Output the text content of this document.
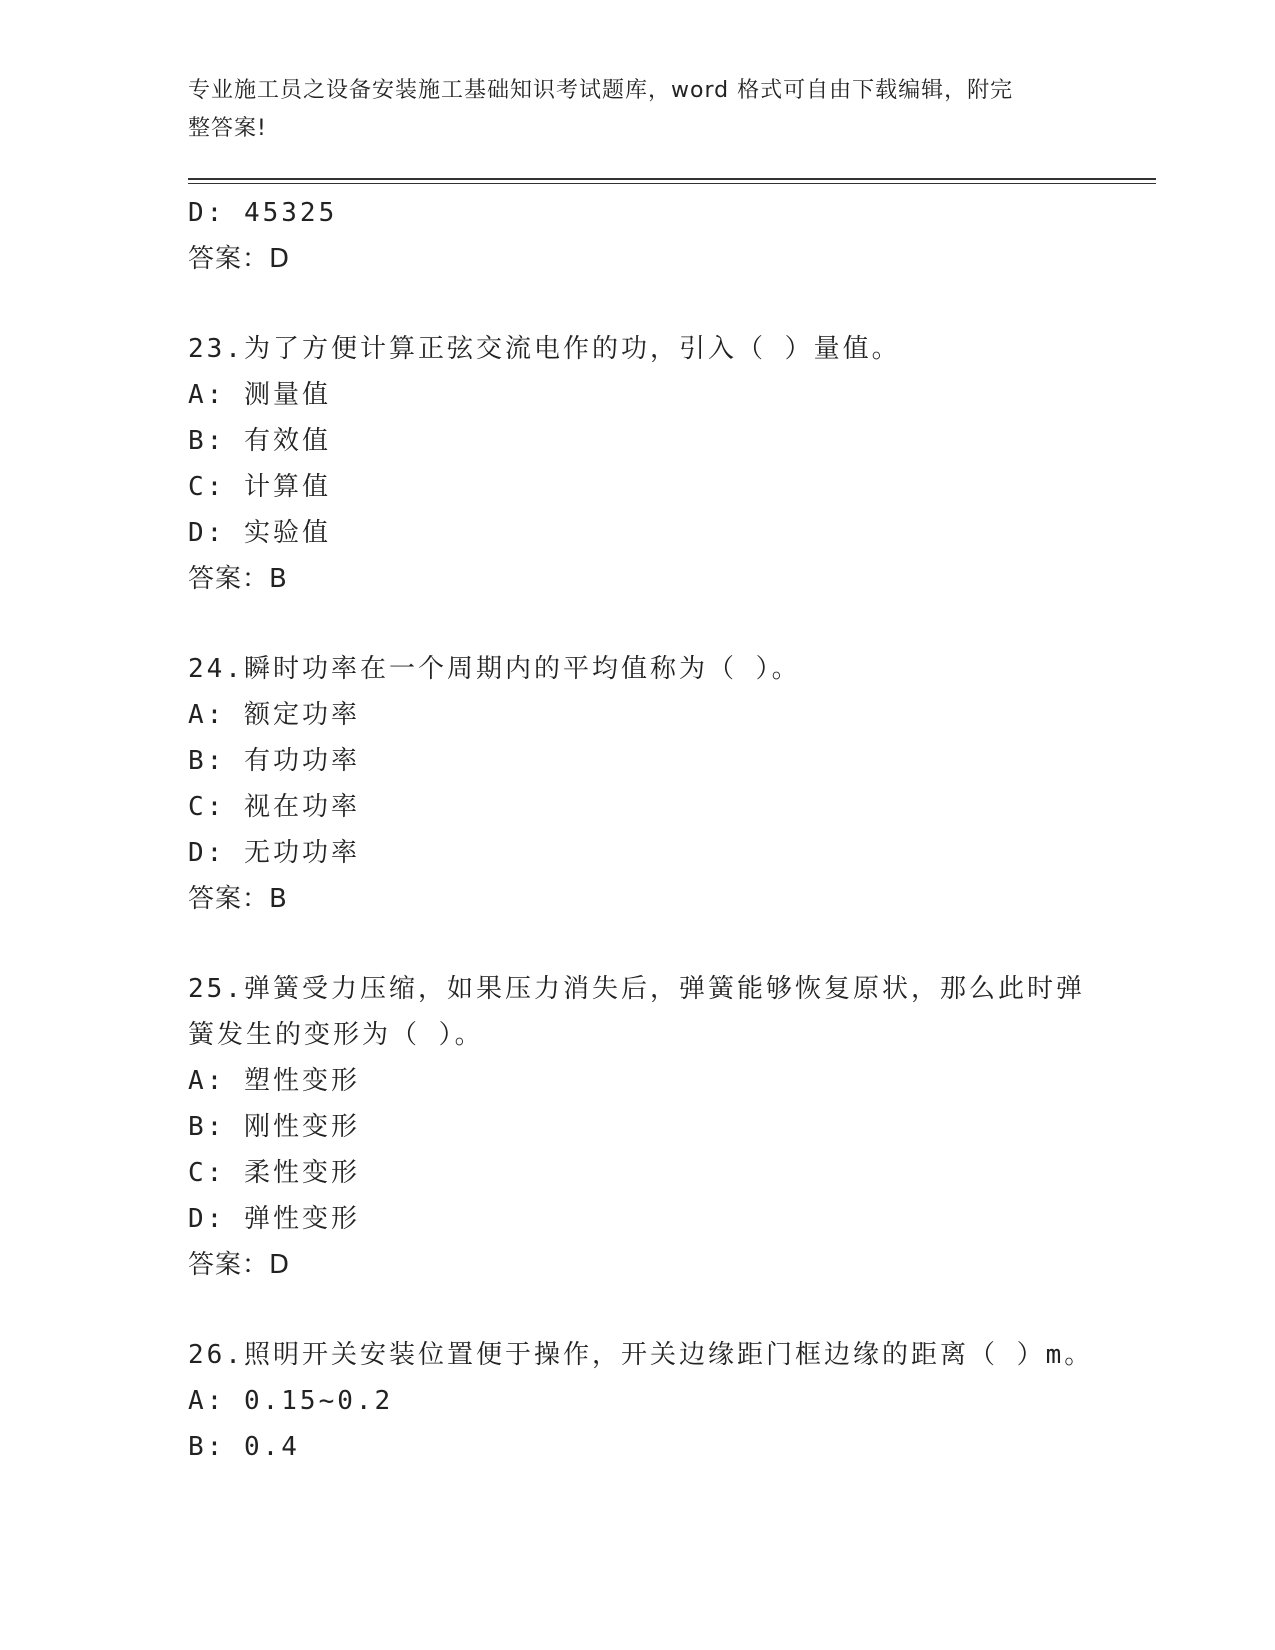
专业施工员之设备安装施工基础知识考试题库，word 格式可自由下载编辑，附完
整答案!
D: 45325
答案：D
23.为了方便计算正弦交流电作的功，引入（ ）量值。
A: 测量值
B: 有效值
C: 计算值
D: 实验值
答案：B
24.瞬时功率在一个周期内的平均值称为（ ）。
A: 额定功率
B: 有功功率
C: 视在功率
D: 无功功率
答案：B
25.弹簧受力压缩，如果压力消失后，弹簧能够恢复原状，那么此时弹
簧发生的变形为（ ）。
A: 塑性变形
B: 刚性变形
C: 柔性变形
D: 弹性变形
答案：D
26.照明开关安装位置便于操作，开关边缘距门框边缘的距离（ ）m。
A: 0.15~0.2
B: 0.4
